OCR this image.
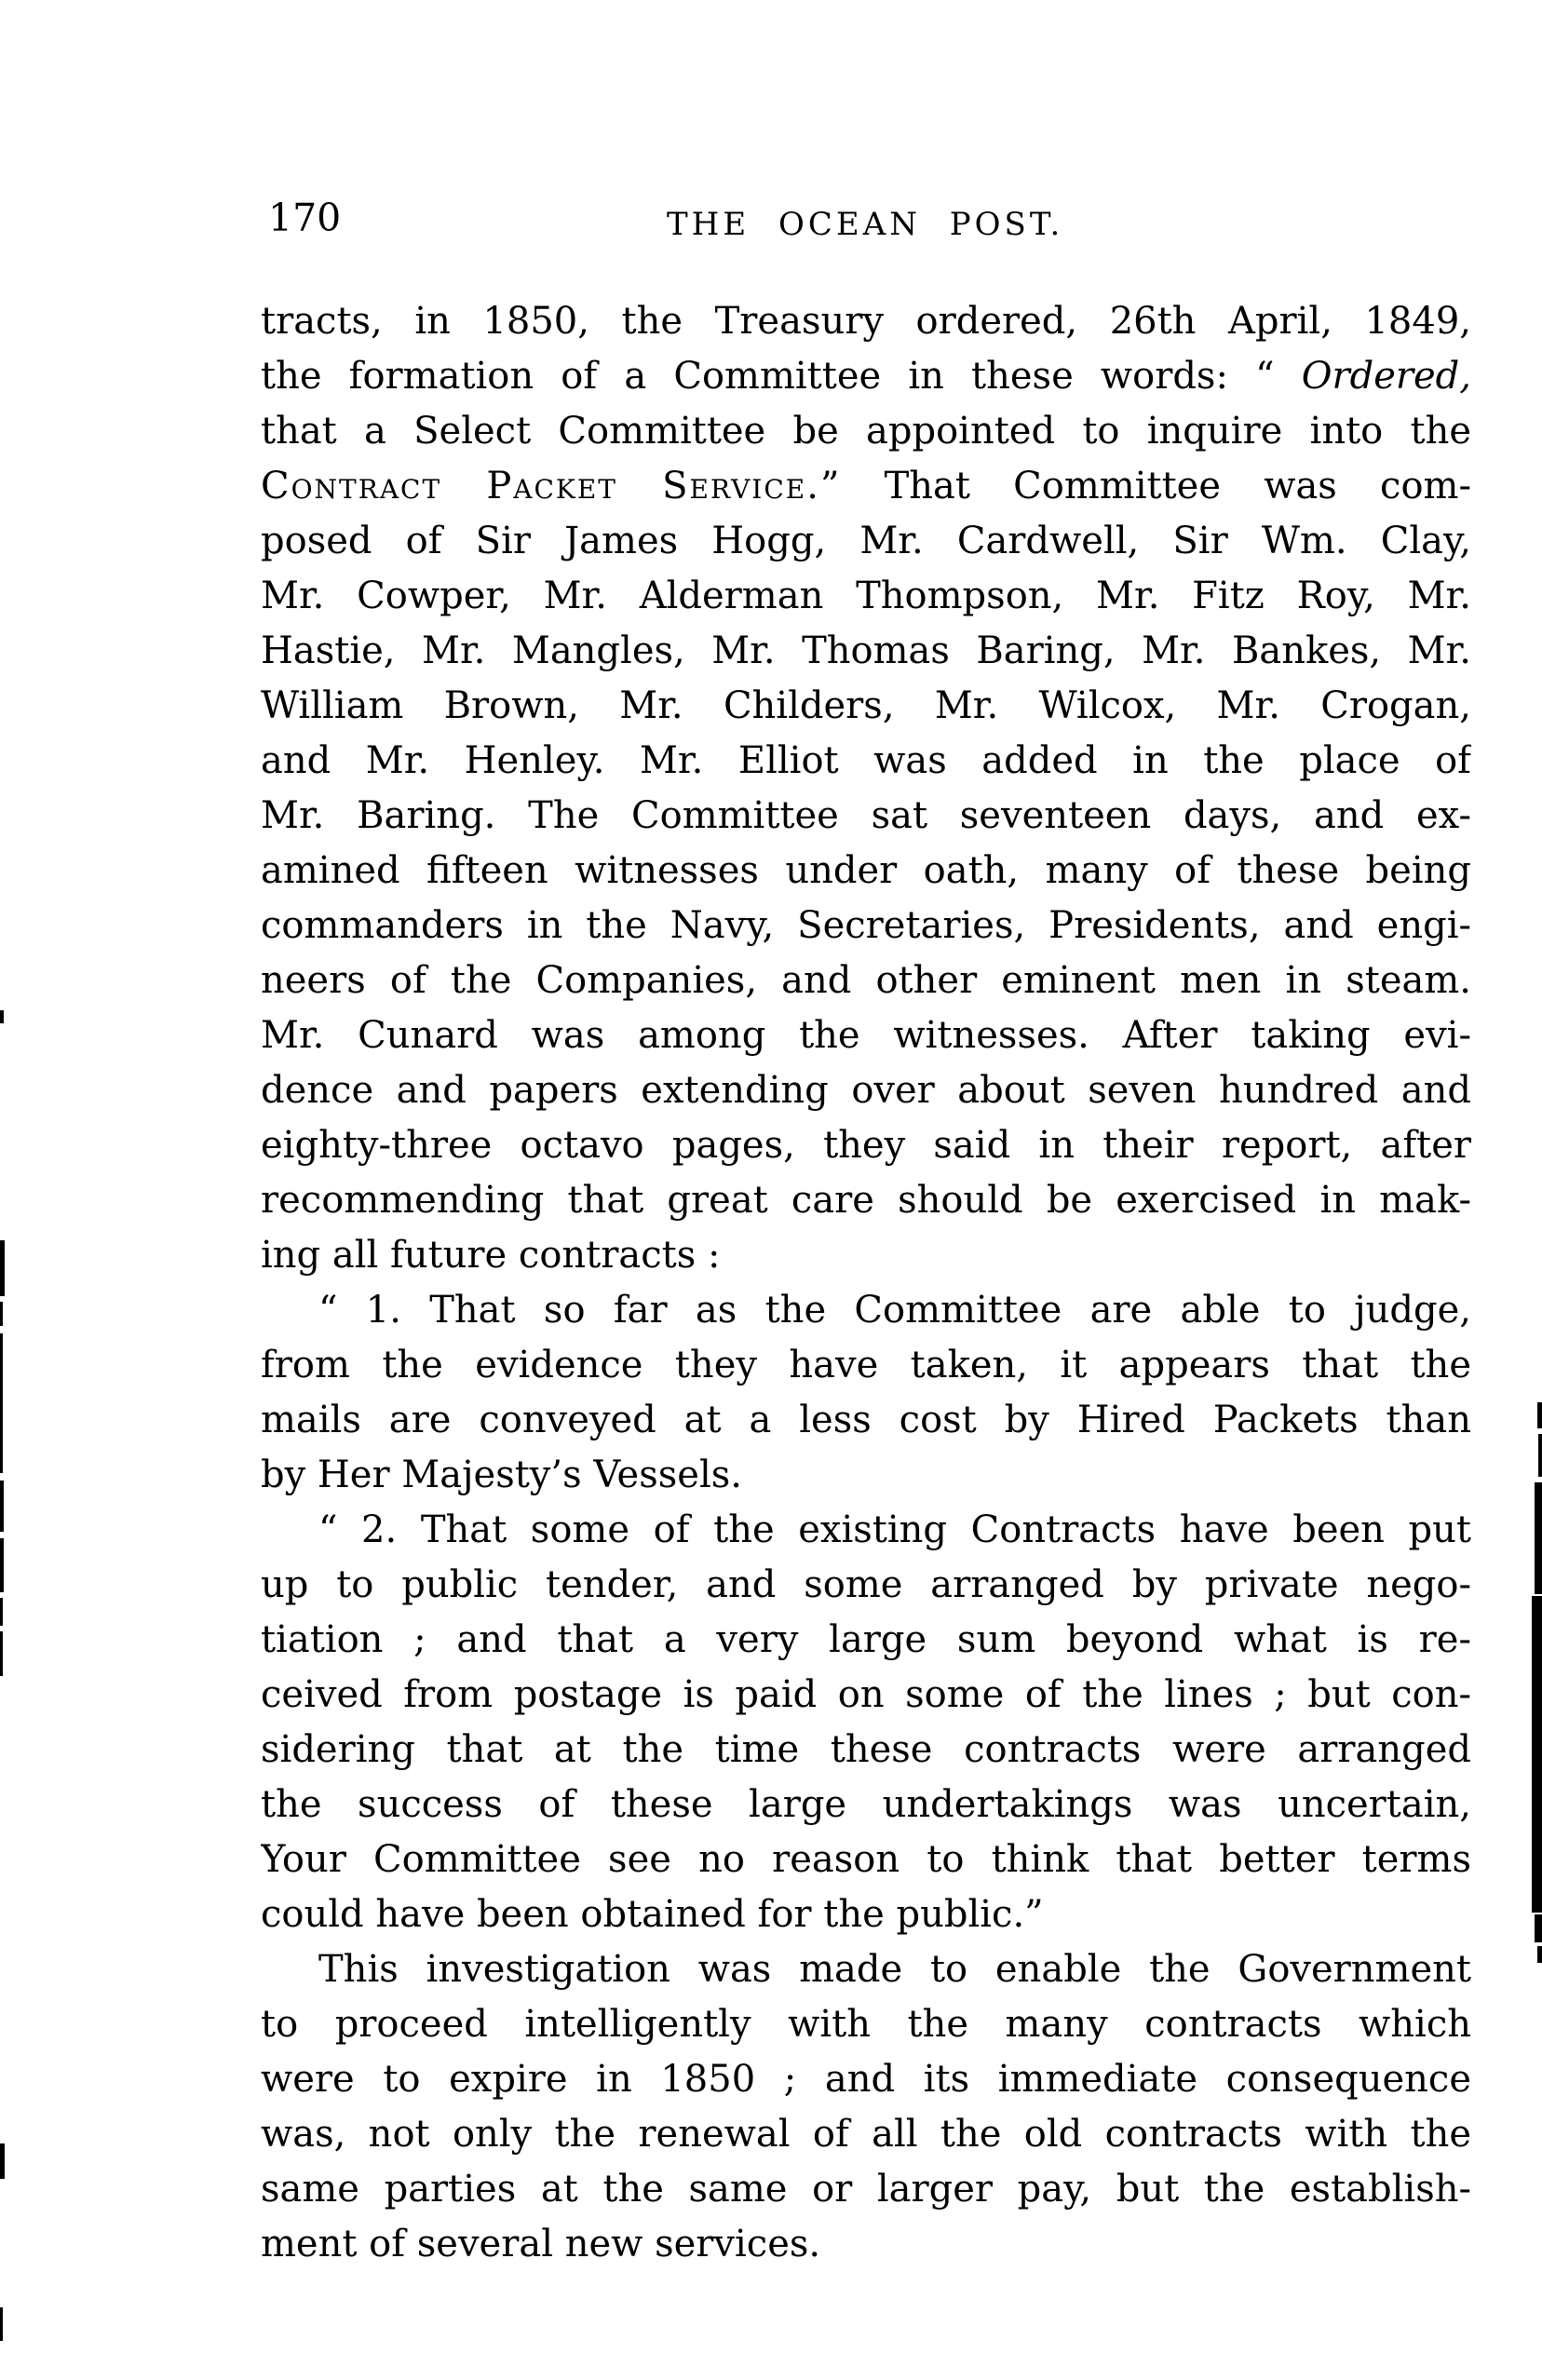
170	THE OCEAN POST.
tracts, in 1850, the Treasury ordered, 26th April, 1849,
the formation of a Committee in these words: “ Ordered,
that a Select Committee be appointed to inquire into the
Contract Packet Service.” That Committee was com-
posed of Sir James Hogg, Mr. Cardwell, Sir Wm. Clay,
Mr. Cowper, Mr. Alderman Thompson, Mr. Fitz Roy, Mr.
Hastie, Mr. Mangles, Mr. Thomas Baring, Mr. Bankes, Mr.
William Brown, Mr. Childers, Mr. Wilcox, Mr. Crogan,
and Mr. Henley. Mr. Elliot was added in the place of
Mr. Baring. The Committee sat seventeen days, and ex-
amined fifteen witnesses under oath, many of these being
commanders in the Navy, Secretaries, Presidents, and engi-
neers of the Companies, and other eminent men in steam.
Mr. Cunard was among the witnesses. After taking evi-
dence and papers extending over about seven hundred and
eighty-three octavo pages, they said in their report, after
recommending that great care should be exercised in mak-
ing all future contracts :
“ 1. That so far as the Committee are able to judge,
from the evidence they have taken, it appears that the
mails are conveyed at a less cost by Hired Packets than
by Her Majesty’s Vessels.
“ 2. That some of the existing Contracts have been put
up to public tender, and some arranged by private nego-
tiation ; and that a very large sum beyond what is re-
ceived from postage is paid on some of the lines ; but con-
sidering that at the time these contracts were arranged
the success of these large undertakings was uncertain,
Your Committee see no reason to think that better terms
could have been obtained for the public.”
This investigation was made to enable the Government
to proceed intelligently with the many contracts which
were to expire in 1850 ; and its immediate consequence
was, not only the renewal of all the old contracts with the
same parties at the same or larger pay, but the establish-
ment of several new services.
